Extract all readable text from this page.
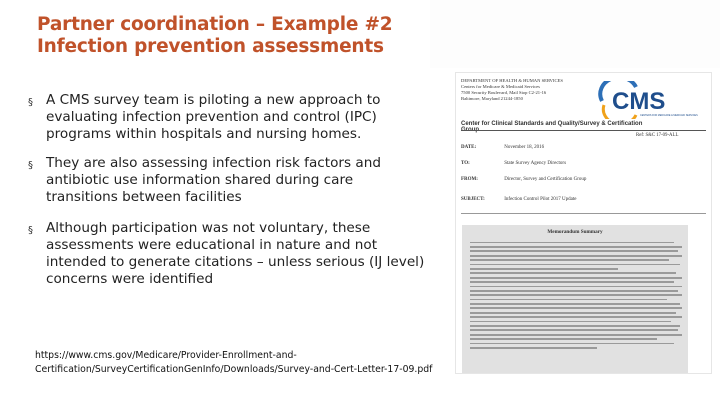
Partner coordination – Example #2
Infection prevention assessments
§ A CMS survey team is piloting a new approach to evaluating infection prevention and control (IPC) programs within hospitals and nursing homes.
§ They are also assessing infection risk factors and antibiotic use information shared during care transitions between facilities
§ Although participation was not voluntary, these assessments were educational in nature and not intended to generate citations – unless serious (IJ level) concerns were identified
DEPARTMENT OF HEALTH & HUMAN SERVICES
Centers for Medicare & Medicaid Services
7500 Security Boulevard, Mail Stop C2-21-16
Baltimore, Maryland 21244-1850	CMS
CENTERS FOR MEDICARE & MEDICAID SERVICES
Center for Clinical Standards and Quality/Survey & Certification
Ref: S&C 17-09-ALL
DATE:	November 18, 2016
TO:	State Survey Agency Directors
FROM:	Director, Survey and Certification Group
SUBJECT:	Infection Control Pilot 2017 Update
Memorandum Summary
https://www.cms.gov/Medicare/Provider-Enrollment-and-
Certification/SurveyCertificationGenInfo/Downloads/Survey-and-Cert-Letter-17-09.pdf
